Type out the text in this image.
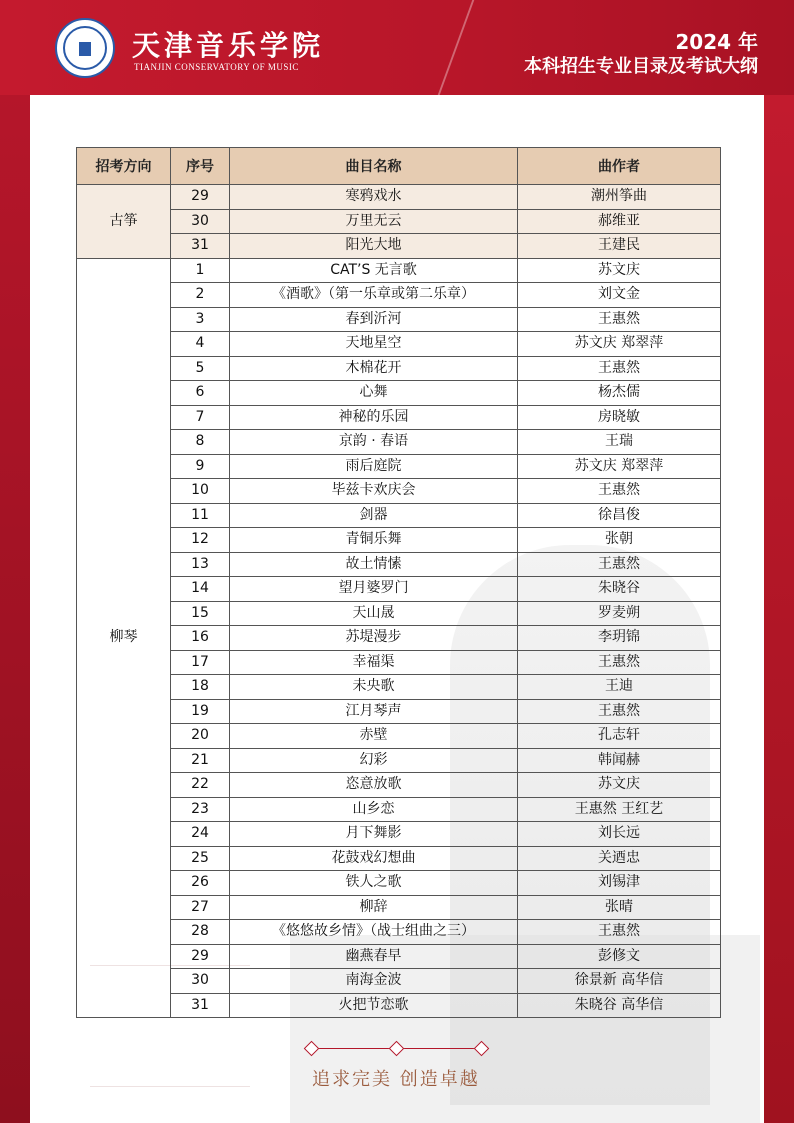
天津音乐学院
TIANJIN CONSERVATORY OF MUSIC
2024 年
本科招生专业目录及考试大纲
招考方向	序号	曲目名称	曲作者
古筝	29	寒鸦戏水	潮州筝曲
	30	万里无云	郝维亚
	31	阳光大地	王建民
柳琴	1	CAT’S 无言歌	苏文庆
	2	《酒歌》（第一乐章或第二乐章）	刘文金
	3	春到沂河	王惠然
	4	天地星空	苏文庆 郑翠萍
	5	木棉花开	王惠然
	6	心舞	杨杰儒
	7	神秘的乐园	房晓敏
	8	京韵 · 春语	王瑞
	9	雨后庭院	苏文庆 郑翠萍
	10	毕兹卡欢庆会	王惠然
	11	剑器	徐昌俊
	12	青铜乐舞	张朝
	13	故土情愫	王惠然
	14	望月婆罗门	朱晓谷
	15	天山晟	罗麦朔
	16	苏堤漫步	李玥锦
	17	幸福渠	王惠然
	18	未央歌	王迪
	19	江月琴声	王惠然
	20	赤壁	孔志轩
	21	幻彩	韩闻赫
	22	恣意放歌	苏文庆
	23	山乡恋	王惠然 王红艺
	24	月下舞影	刘长远
	25	花鼓戏幻想曲	关迺忠
	26	铁人之歌	刘锡津
	27	柳辞	张晴
	28	《悠悠故乡情》（战士组曲之三）	王惠然
	29	幽燕春早	彭修文
	30	南海金波	徐景新 高华信
	31	火把节恋歌	朱晓谷 高华信
追求完美 创造卓越
